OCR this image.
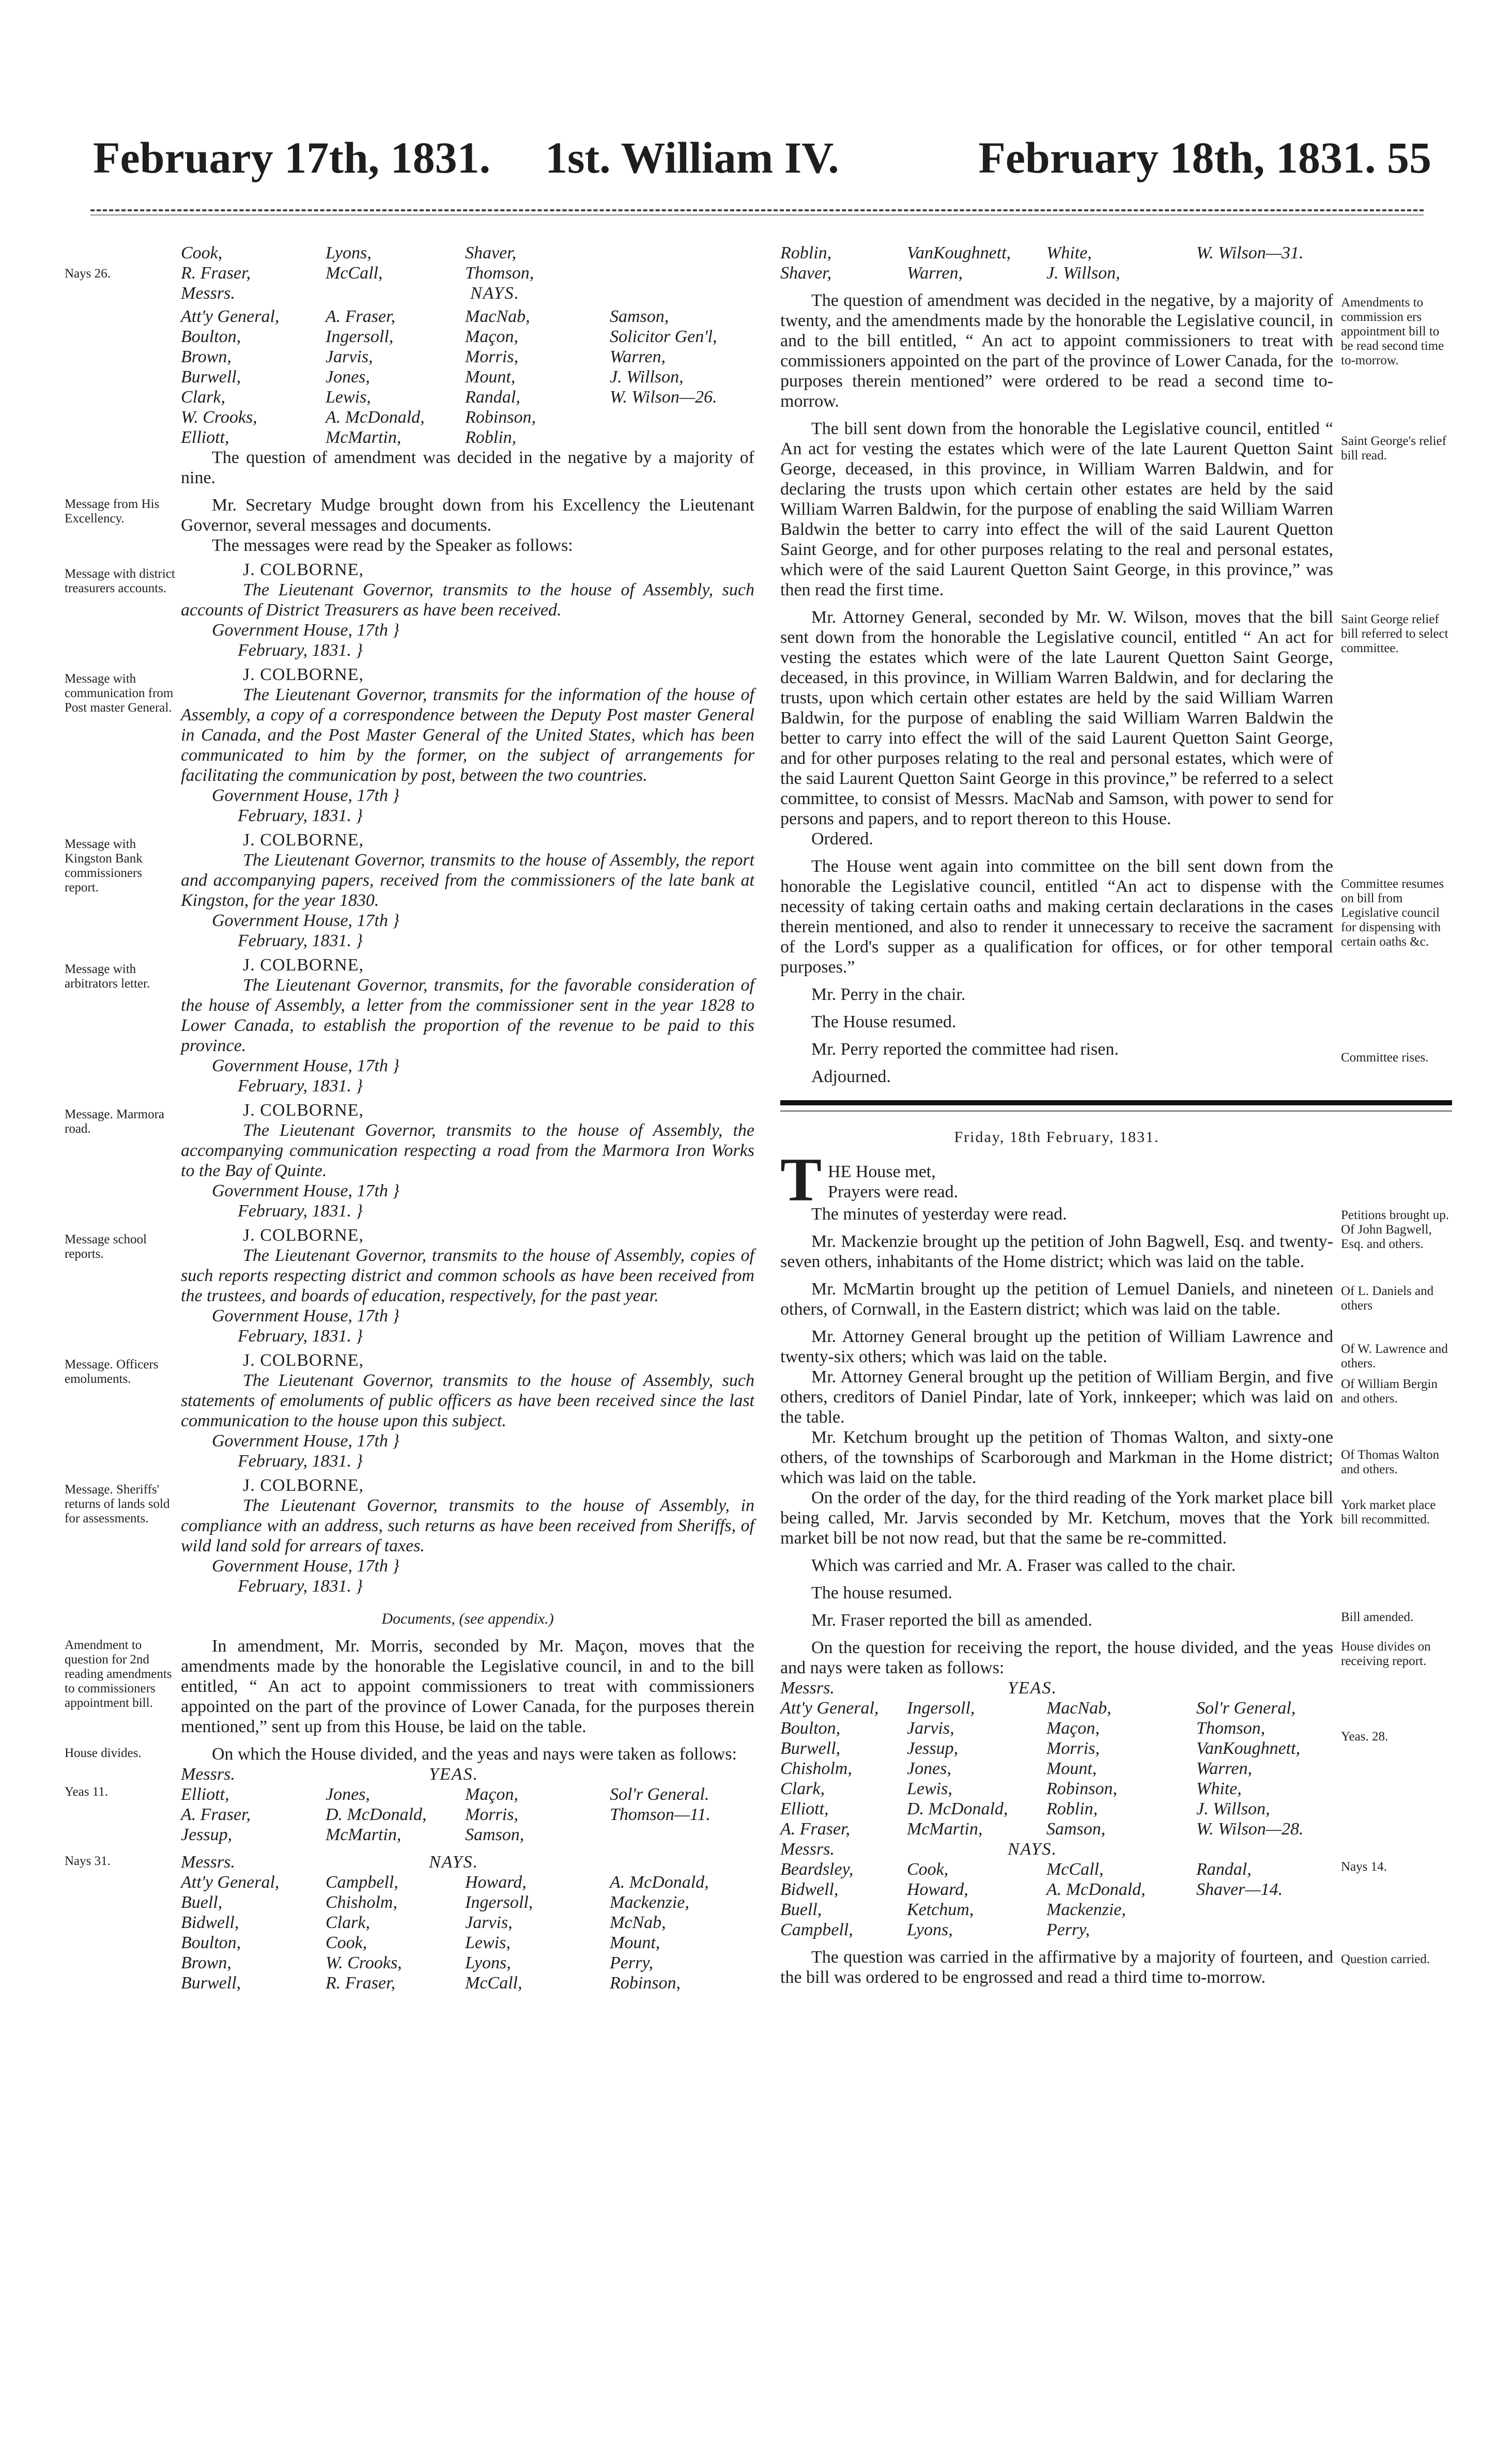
February 17th, 1831. 1st. William IV.	February 18th, 1831. 55
Nays 26.
Cook,	Lyons,	Shaver,
R. Fraser,	McCall,	Thomson,
Messrs.	NAYS.
Att'y General,	A. Fraser,	MacNab,	Samson,
Boulton,	Ingersoll,	Maçon,	Solicitor Gen'l,
Brown,	Jarvis,	Morris,	Warren,
Burwell,	Jones,	Mount,	J. Willson,
Clark,	Lewis,	Randal,	W. Wilson—26.
W. Crooks,	A. McDonald,	Robinson,
Elliott,	McMartin,	Roblin,

The question of amendment was decided in the negative by a majority of nine.

Message from His Excellency.

Mr. Secretary Mudge brought down from his Excellency the Lieutenant Governor, several messages and documents.

The messages were read by the Speaker as follows:

Message with district treasurers accounts.
J. COLBORNE,

The Lieutenant Governor, transmits to the house of Assembly, such accounts of District Treasurers as have been received.

Government House, 17th }
February, 1831. }
Message with communication from Post master General.
J. COLBORNE,

The Lieutenant Governor, transmits for the information of the house of Assembly, a copy of a correspondence between the Deputy Post master General in Canada, and the Post Master General of the United States, which has been communicated to him by the former, on the subject of arrangements for facilitating the communication by post, between the two countries.

Government House, 17th }
February, 1831. }
Message with Kingston Bank commissioners report.
J. COLBORNE,

The Lieutenant Governor, transmits to the house of Assembly, the report and accompanying papers, received from the commissioners of the late bank at Kingston, for the year 1830.

Government House, 17th }
February, 1831. }
Message with arbitrators letter.
J. COLBORNE,

The Lieutenant Governor, transmits, for the favorable consideration of the house of Assembly, a letter from the commissioner sent in the year 1828 to Lower Canada, to establish the proportion of the revenue to be paid to this province.

Government House, 17th }
February, 1831. }
Message. Marmora road.
J. COLBORNE,

The Lieutenant Governor, transmits to the house of Assembly, the accompanying communication respecting a road from the Marmora Iron Works to the Bay of Quinte.

Government House, 17th }
February, 1831. }
Message school reports.
J. COLBORNE,

The Lieutenant Governor, transmits to the house of Assembly, copies of such reports respecting district and common schools as have been received from the trustees, and boards of education, respectively, for the past year.

Government House, 17th }
February, 1831. }
Message. Officers emoluments.
J. COLBORNE,

The Lieutenant Governor, transmits to the house of Assembly, such statements of emoluments of public officers as have been received since the last communication to the house upon this subject.

Government House, 17th }
February, 1831. }
Message. Sheriffs' returns of lands sold for assessments.
J. COLBORNE,

The Lieutenant Governor, transmits to the house of Assembly, in compliance with an address, such returns as have been received from Sheriffs, of wild land sold for arrears of taxes.

Government House, 17th }
February, 1831. }
Documents, (see appendix.)
Amendment to question for 2nd reading amendments to commissioners appointment bill.

In amendment, Mr. Morris, seconded by Mr. Maçon, moves that the amendments made by the honorable the Legislative council, in and to the bill entitled, “ An act to appoint commissioners to treat with commissioners appointed on the part of the province of Lower Canada, for the purposes therein mentioned,” sent up from this House, be laid on the table.

House divides.	On which the House divided, and the yeas and nays were taken as follows:

Yeas 11.
Messrs.	YEAS.
Elliott,	Jones,	Maçon,	Sol'r General.
A. Fraser,	D. McDonald,	Morris,	Thomson—11.
Jessup,	McMartin,	Samson,
Nays 31.	Messrs.	NAYS.
Att'y General,	Campbell,	Howard,	A. McDonald,
Buell,	Chisholm,	Ingersoll,	Mackenzie,
Bidwell,	Clark,	Jarvis,	McNab,
Boulton,	Cook,	Lewis,	Mount,
Brown,	W. Crooks,	Lyons,	Perry,
Burwell,	R. Fraser,	McCall,	Robinson,
Roblin,	VanKoughnett,	White,	W. Wilson—31.
Shaver,	Warren,	J. Willson,
Amendments to commission ers appointment bill to be read second time to-morrow.

The question of amendment was decided in the negative, by a majority of twenty, and the amendments made by the honorable the Legislative council, in and to the bill entitled, “ An act to appoint commissioners to treat with commissioners appointed on the part of the province of Lower Canada, for the purposes therein mentioned” were ordered to be read a second time to-morrow.

Saint George's relief bill read.

The bill sent down from the honorable the Legislative council, entitled “ An act for vesting the estates which were of the late Laurent Quetton Saint George, deceased, in this province, in William Warren Baldwin, and for declaring the trusts upon which certain other estates are held by the said William Warren Baldwin, for the purpose of enabling the said William Warren Baldwin the better to carry into effect the will of the said Laurent Quetton Saint George, and for other purposes relating to the real and personal estates, which were of the said Laurent Quetton Saint George, in this province,” was then read the first time.

Saint George relief bill referred to select committee.

Mr. Attorney General, seconded by Mr. W. Wilson, moves that the bill sent down from the honorable the Legislative council, entitled “ An act for vesting the estates which were of the late Laurent Quetton Saint George, deceased, in this province, in William Warren Baldwin, and for declaring the trusts, upon which certain other estates are held by the said William Warren Baldwin, for the purpose of enabling the said William Warren Baldwin the better to carry into effect the will of the said Laurent Quetton Saint George, and for other purposes relating to the real and personal estates, which were of the said Laurent Quetton Saint George in this province,” be referred to a select committee, to consist of Messrs. MacNab and Samson, with power to send for persons and papers, and to report thereon to this House.

Ordered.

Committee resumes on bill from Legislative council for dispensing with certain oaths &c.

The House went again into committee on the bill sent down from the honorable the Legislative council, entitled “An act to dispense with the necessity of taking certain oaths and making certain declarations in the cases therein mentioned, and also to render it unnecessary to receive the sacrament of the Lord's supper as a qualification for offices, or for other temporal purposes.”

Mr. Perry in the chair.

The House resumed.

Committee rises.

Mr. Perry reported the committee had risen.

Adjourned.

Friday, 18th February, 1831.
T HE House met,

Prayers were read.

Petitions brought up. Of John Bagwell, Esq. and others.

The minutes of yesterday were read.

Mr. Mackenzie brought up the petition of John Bagwell, Esq. and twenty-seven others, inhabitants of the Home district; which was laid on the table.

Of L. Daniels and others

Mr. McMartin brought up the petition of Lemuel Daniels, and nineteen others, of Cornwall, in the Eastern district; which was laid on the table.

Of W. Lawrence and others.

Mr. Attorney General brought up the petition of William Lawrence and twenty-six others; which was laid on the table.

Of William Bergin and others.

Mr. Attorney General brought up the petition of William Bergin, and five others, creditors of Daniel Pindar, late of York, innkeeper; which was laid on the table.

Of Thomas Walton and others.

Mr. Ketchum brought up the petition of Thomas Walton, and sixty-one others, of the townships of Scarborough and Markman in the Home district; which was laid on the table.

York market place bill recommitted.

On the order of the day, for the third reading of the York market place bill being called, Mr. Jarvis seconded by Mr. Ketchum, moves that the York market bill be not now read, but that the same be re-committed.

Which was carried and Mr. A. Fraser was called to the chair.

The house resumed.

Bill amended.

Mr. Fraser reported the bill as amended.

House divides on receiving report.

On the question for receiving the report, the house divided, and the yeas and nays were taken as follows:

Yeas. 28.
Messrs.	YEAS.
Att'y General,	Ingersoll,	MacNab,	Sol'r General,
Boulton,	Jarvis,	Maçon,	Thomson,
Burwell,	Jessup,	Morris,	VanKoughnett,
Chisholm,	Jones,	Mount,	Warren,
Clark,	Lewis,	Robinson,	White,
Elliott,	D. McDonald,	Roblin,	J. Willson,
A. Fraser,	McMartin,	Samson,	W. Wilson—28.
Nays 14.
Messrs.	NAYS.
Beardsley,	Cook,	McCall,	Randal,
Bidwell,	Howard,	A. McDonald,	Shaver—14.
Buell,	Ketchum,	Mackenzie,
Campbell,	Lyons,	Perry,
Question carried.

The question was carried in the affirmative by a majority of fourteen, and the bill was ordered to be engrossed and read a third time to-morrow.
